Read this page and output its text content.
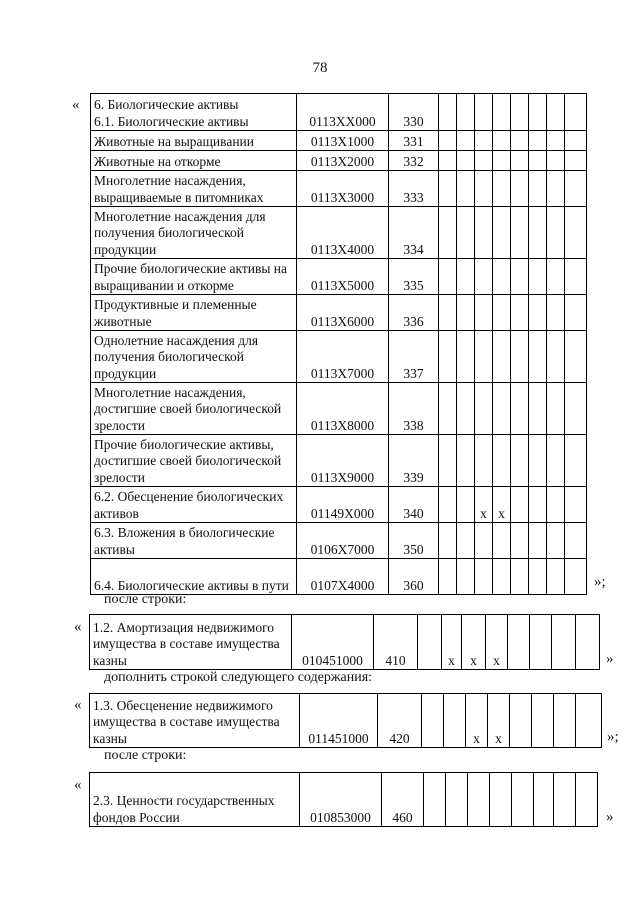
78
« 6. Биологические активы
6.1. Биологические активы	0113XX000	330								
Животные на выращивании	0113X1000	331								
Животные на откорме	0113X2000	332								
Многолетние насаждения, выращиваемые в питомниках	0113X3000	333								
Многолетние насаждения для получения биологической продукции	0113X4000	334								
Прочие биологические активы на выращивании и откорме	0113X5000	335								
Продуктивные и племенные животные	0113X6000	336								
Однолетние насаждения для получения биологической продукции	0113X7000	337								
Многолетние насаждения, достигшие своей биологической зрелости	0113X8000	338								
Прочие биологические активы, достигшие своей биологической зрелости	0113X9000	339								
6.2. Обесценение биологических активов	01149X000	340			x	x				
6.3. Вложения в биологические активы	0106X7000	350								
6.4. Биологические активы в пути	0107X4000	360									»;
после строки:
« 1.2. Амортизация недвижимого имущества в составе имущества казны	010451000	410		x	x	x					»
дополнить строкой следующего содержания:
« 1.3. Обесценение недвижимого имущества в составе имущества казны	011451000	420			x	x					»;
после строки:
«
2.3. Ценности государственных фондов России	010853000	460									»
